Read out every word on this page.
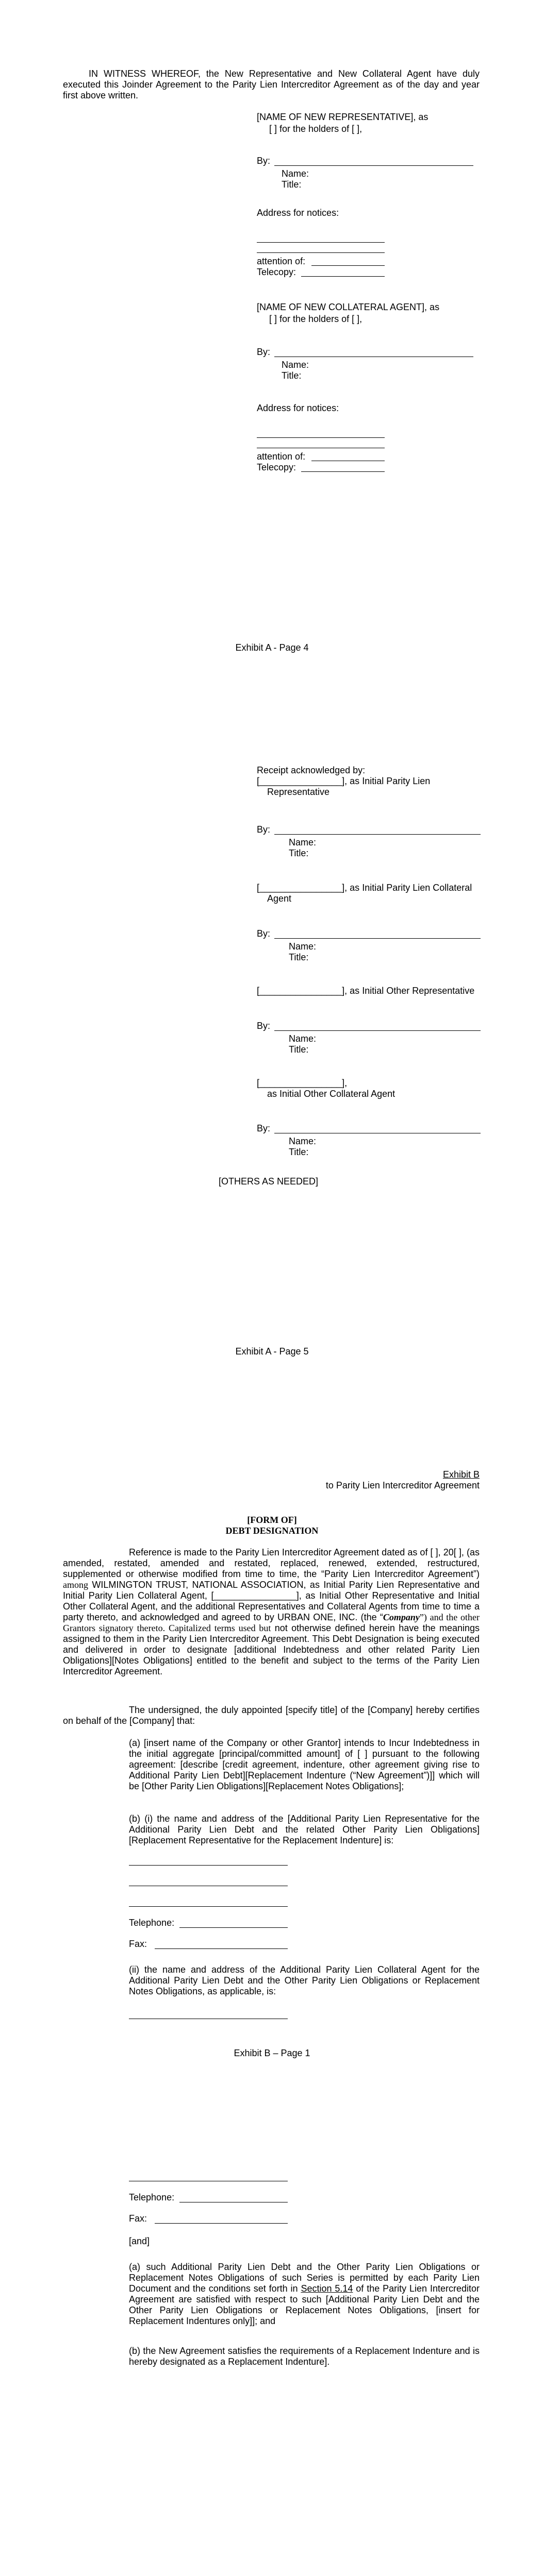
IN WITNESS WHEREOF, the New Representative and New Collateral Agent have duly executed this Joinder Agreement to the Parity Lien Intercreditor Agreement as of the day and year first above written.
[NAME OF NEW REPRESENTATIVE], as
[ ] for the holders of [ ],
By:
Name:
Title:
Address for notices:
attention of:
Telecopy:
[NAME OF NEW COLLATERAL AGENT], as
[ ] for the holders of [ ],
By:
Name:
Title:
Address for notices:
attention of:
Telecopy:
Exhibit A - Page 4
Receipt acknowledged by:
[________________], as Initial Parity Lien
Representative
By:
Name:
Title:
[________________], as Initial Parity Lien Collateral
Agent
By:
Name:
Title:
[________________], as Initial Other Representative
By:
Name:
Title:
[________________],
as Initial Other Collateral Agent
By:
Name:
Title:
[OTHERS AS NEEDED]
Exhibit A - Page 5
Exhibit B
to Parity Lien Intercreditor Agreement
[FORM OF]
DEBT DESIGNATION
Reference is made to the Parity Lien Intercreditor Agreement dated as of [ ], 20[ ], (as amended, restated, amended and restated, replaced, renewed, extended, restructured, supplemented or otherwise modified from time to time, the “Parity Lien Intercreditor Agreement”) among WILMINGTON TRUST, NATIONAL ASSOCIATION, as Initial Parity Lien Representative and Initial Parity Lien Collateral Agent, [________________], as Initial Other Representative and Initial Other Collateral Agent, and the additional Representatives and Collateral Agents from time to time a party thereto, and acknowledged and agreed to by URBAN ONE, INC. (the “Company”) and the other Grantors signatory thereto. Capitalized terms used but not otherwise defined herein have the meanings assigned to them in the Parity Lien Intercreditor Agreement. This Debt Designation is being executed and delivered in order to designate [additional Indebtedness and other related Parity Lien Obligations][Notes Obligations] entitled to the benefit and subject to the terms of the Parity Lien Intercreditor Agreement.
The undersigned, the duly appointed [specify title] of the [Company] hereby certifies on behalf of the [Company] that:
(a) [insert name of the Company or other Grantor] intends to Incur Indebtedness in the initial aggregate [principal/committed amount] of [ ] pursuant to the following agreement: [describe [credit agreement, indenture, other agreement giving rise to Additional Parity Lien Debt][Replacement Indenture (“New Agreement”)]] which will be [Other Parity Lien Obligations][Replacement Notes Obligations];
(b) (i) the name and address of the [Additional Parity Lien Representative for the Additional Parity Lien Debt and the related Other Parity Lien Obligations][Replacement Representative for the Replacement Indenture] is:
Telephone:
Fax:
(ii) the name and address of the Additional Parity Lien Collateral Agent for the Additional Parity Lien Debt and the Other Parity Lien Obligations or Replacement Notes Obligations, as applicable, is:
Exhibit B – Page 1
Telephone:
Fax:
[and]
(a) such Additional Parity Lien Debt and the Other Parity Lien Obligations or Replacement Notes Obligations of such Series is permitted by each Parity Lien Document and the conditions set forth in Section 5.14 of the Parity Lien Intercreditor Agreement are satisfied with respect to such [Additional Parity Lien Debt and the Other Parity Lien Obligations or Replacement Notes Obligations, [insert for Replacement Indentures only]]; and
(b) the New Agreement satisfies the requirements of a Replacement Indenture and is hereby designated as a Replacement Indenture].
